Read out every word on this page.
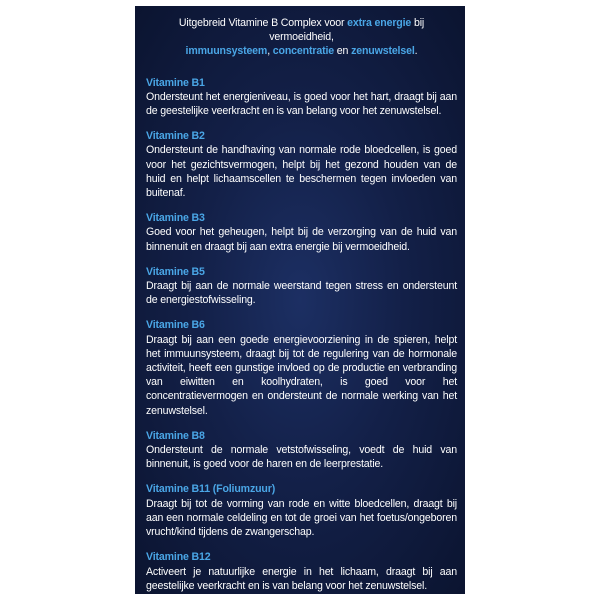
Uitgebreid Vitamine B Complex voor extra energie bij vermoeidheid,
immuunsysteem, concentratie en zenuwstelsel.

Vitamine B1

Ondersteunt het energieniveau, is goed voor het hart, draagt bij aan de geestelijke veerkracht en is van belang voor het zenuwstelsel.

Vitamine B2

Ondersteunt de handhaving van normale rode bloedcellen, is goed voor het gezichtsvermogen, helpt bij het gezond houden van de huid en helpt lichaamscellen te beschermen tegen invloeden van buitenaf.

Vitamine B3

Goed voor het geheugen, helpt bij de verzorging van de huid van binnenuit en draagt bij aan extra energie bij vermoeidheid.

Vitamine B5

Draagt bij aan de normale weerstand tegen stress en ondersteunt de energiestofwisseling.

Vitamine B6

Draagt bij aan een goede energievoorziening in de spieren, helpt het immuunsysteem, draagt bij tot de regulering van de hormonale activiteit, heeft een gunstige invloed op de productie en verbranding van eiwitten en koolhydraten, is goed voor het concentratievermogen en ondersteunt de normale werking van het zenuwstelsel.

Vitamine B8

Ondersteunt de normale vetstofwisseling, voedt de huid van binnenuit, is goed voor de haren en de leerprestatie.

Vitamine B11 (Foliumzuur)

Draagt bij tot de vorming van rode en witte bloedcellen, draagt bij aan een normale celdeling en tot de groei van het foetus/ongeboren vrucht/kind tijdens de zwangerschap.

Vitamine B12

Activeert je natuurlijke energie in het lichaam, draagt bij aan geestelijke veerkracht en is van belang voor het zenuwstelsel.
